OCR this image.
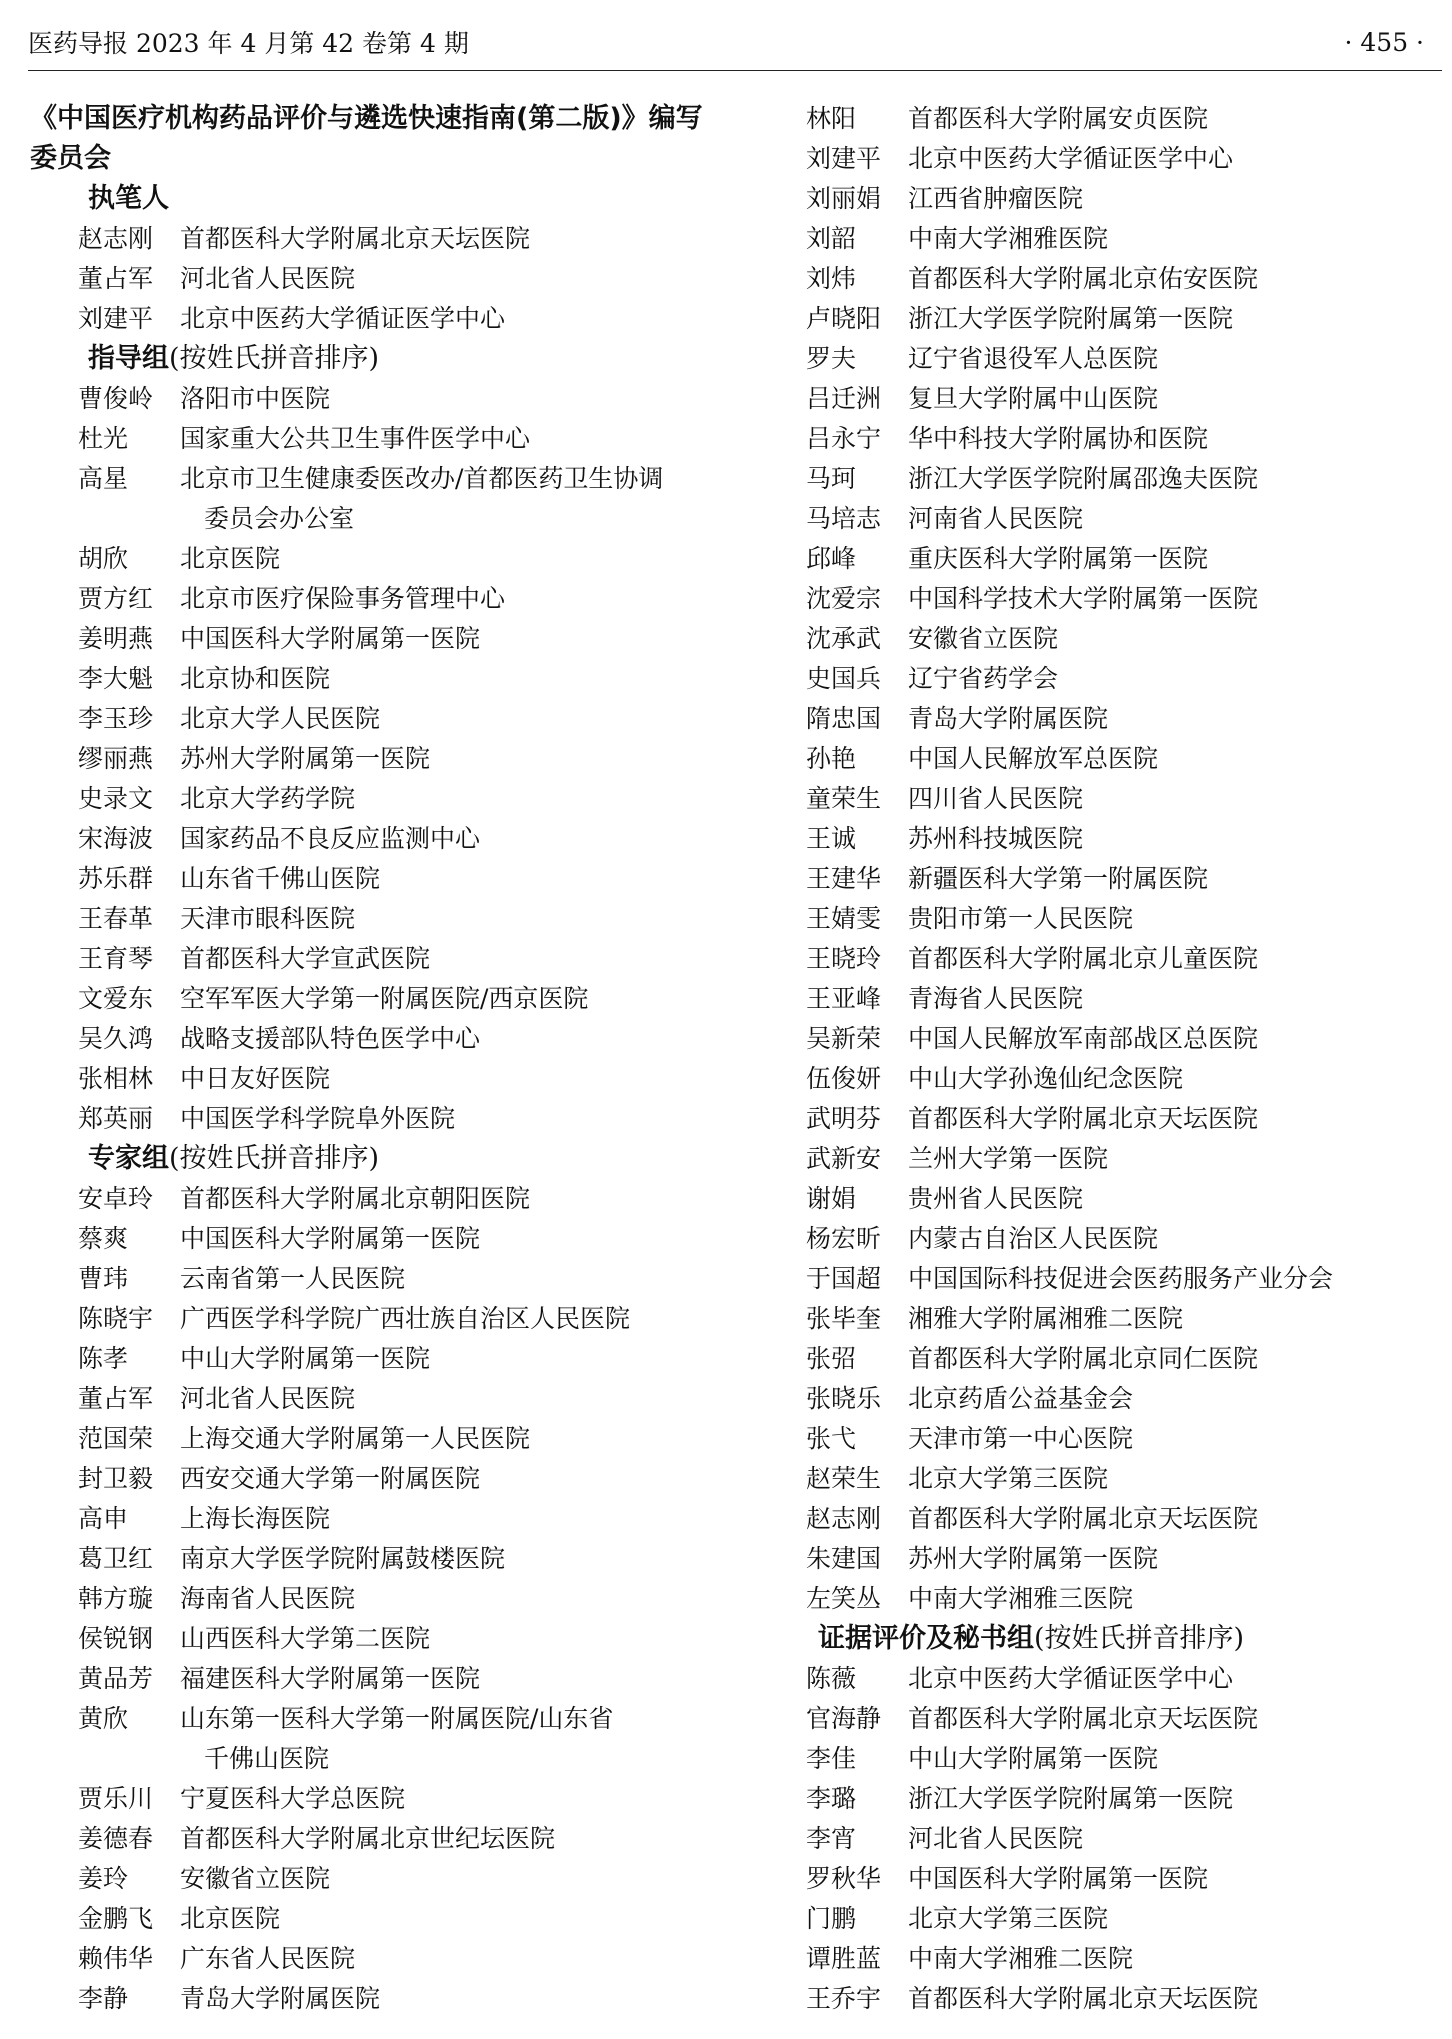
医药导报 2023 年 4 月第 42 卷第 4 期	· 455 ·
《中国医疗机构药品评价与遴选快速指南(第二版)》编写委员会
执笔人
赵志刚	首都医科大学附属北京天坛医院
董占军	河北省人民医院
刘建平	北京中医药大学循证医学中心
指导组(按姓氏拼音排序)
曹俊岭	洛阳市中医院
杜光	国家重大公共卫生事件医学中心
高星	北京市卫生健康委医改办/首都医药卫生协调
委员会办公室
胡欣	北京医院
贾方红	北京市医疗保险事务管理中心
姜明燕	中国医科大学附属第一医院
李大魁	北京协和医院
李玉珍	北京大学人民医院
缪丽燕	苏州大学附属第一医院
史录文	北京大学药学院
宋海波	国家药品不良反应监测中心
苏乐群	山东省千佛山医院
王春革	天津市眼科医院
王育琴	首都医科大学宣武医院
文爱东	空军军医大学第一附属医院/西京医院
吴久鸿	战略支援部队特色医学中心
张相林	中日友好医院
郑英丽	中国医学科学院阜外医院
专家组(按姓氏拼音排序)
安卓玲	首都医科大学附属北京朝阳医院
蔡爽	中国医科大学附属第一医院
曹玮	云南省第一人民医院
陈晓宇	广西医学科学院广西壮族自治区人民医院
陈孝	中山大学附属第一医院
董占军	河北省人民医院
范国荣	上海交通大学附属第一人民医院
封卫毅	西安交通大学第一附属医院
高申	上海长海医院
葛卫红	南京大学医学院附属鼓楼医院
韩方璇	海南省人民医院
侯锐钢	山西医科大学第二医院
黄品芳	福建医科大学附属第一医院
黄欣	山东第一医科大学第一附属医院/山东省
千佛山医院
贾乐川	宁夏医科大学总医院
姜德春	首都医科大学附属北京世纪坛医院
姜玲	安徽省立医院
金鹏飞	北京医院
赖伟华	广东省人民医院
李静	青岛大学附属医院
林阳	首都医科大学附属安贞医院
刘建平	北京中医药大学循证医学中心
刘丽娟	江西省肿瘤医院
刘韶	中南大学湘雅医院
刘炜	首都医科大学附属北京佑安医院
卢晓阳	浙江大学医学院附属第一医院
罗夫	辽宁省退役军人总医院
吕迁洲	复旦大学附属中山医院
吕永宁	华中科技大学附属协和医院
马珂	浙江大学医学院附属邵逸夫医院
马培志	河南省人民医院
邱峰	重庆医科大学附属第一医院
沈爱宗	中国科学技术大学附属第一医院
沈承武	安徽省立医院
史国兵	辽宁省药学会
隋忠国	青岛大学附属医院
孙艳	中国人民解放军总医院
童荣生	四川省人民医院
王诚	苏州科技城医院
王建华	新疆医科大学第一附属医院
王婧雯	贵阳市第一人民医院
王晓玲	首都医科大学附属北京儿童医院
王亚峰	青海省人民医院
吴新荣	中国人民解放军南部战区总医院
伍俊妍	中山大学孙逸仙纪念医院
武明芬	首都医科大学附属北京天坛医院
武新安	兰州大学第一医院
谢娟	贵州省人民医院
杨宏昕	内蒙古自治区人民医院
于国超	中国国际科技促进会医药服务产业分会
张毕奎	湘雅大学附属湘雅二医院
张弨	首都医科大学附属北京同仁医院
张晓乐	北京药盾公益基金会
张弋	天津市第一中心医院
赵荣生	北京大学第三医院
赵志刚	首都医科大学附属北京天坛医院
朱建国	苏州大学附属第一医院
左笑丛	中南大学湘雅三医院
证据评价及秘书组(按姓氏拼音排序)
陈薇	北京中医药大学循证医学中心
官海静	首都医科大学附属北京天坛医院
李佳	中山大学附属第一医院
李璐	浙江大学医学院附属第一医院
李宵	河北省人民医院
罗秋华	中国医科大学附属第一医院
门鹏	北京大学第三医院
谭胜蓝	中南大学湘雅二医院
王乔宇	首都医科大学附属北京天坛医院
